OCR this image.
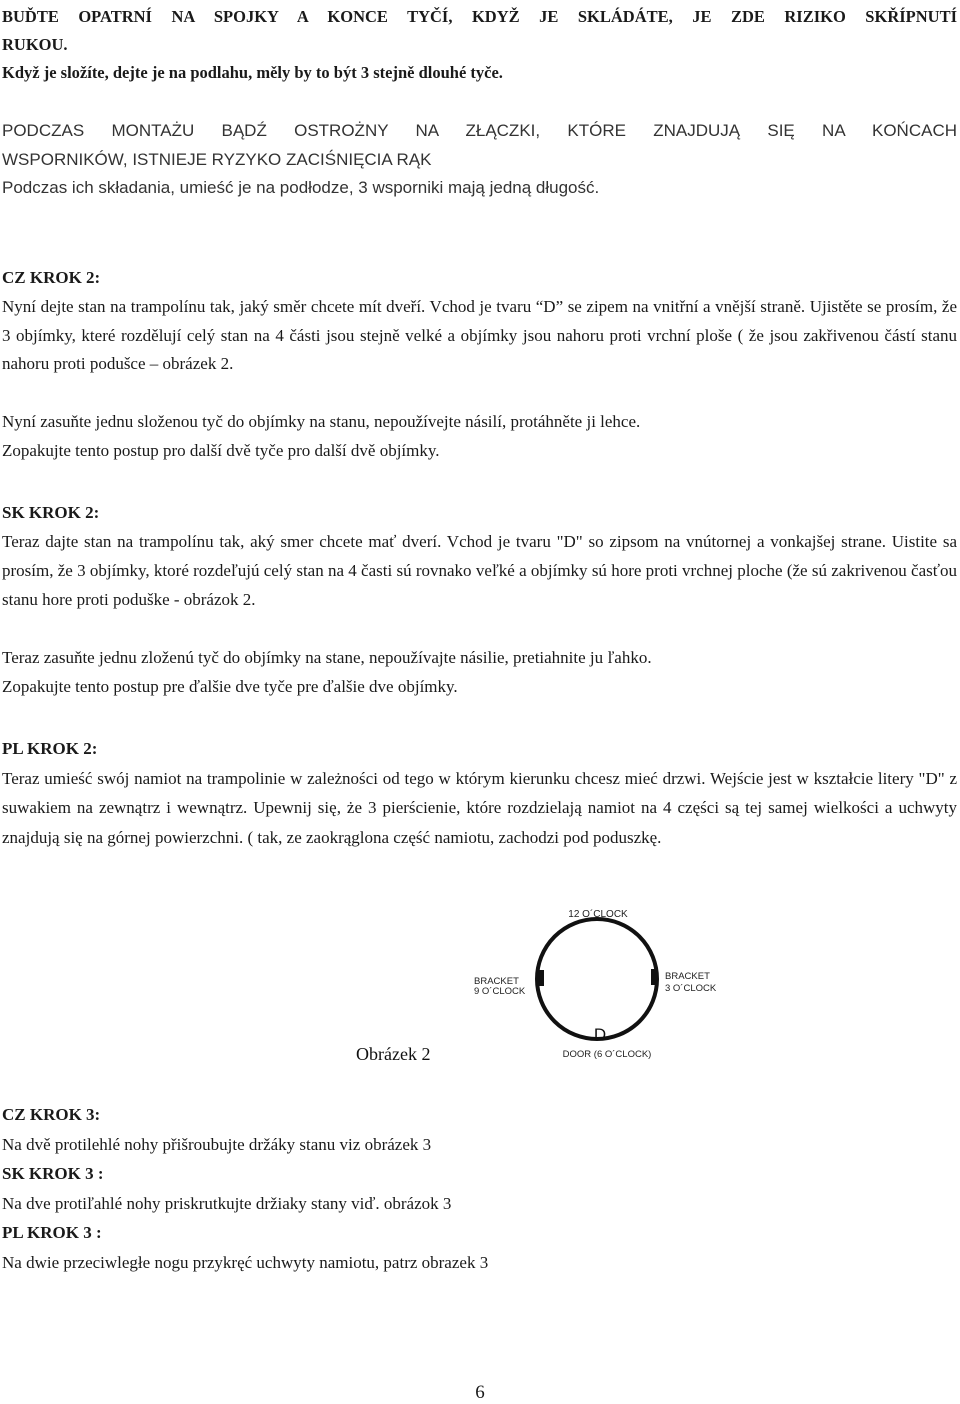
BUĎTE OPATRNÍ NA SPOJKY A KONCE TYČÍ, KDYŽ JE SKLÁDÁTE, JE ZDE RIZIKO SKŘÍPNUTÍ

RUKOU.

Když je složíte, dejte je na podlahu, měly by to být 3 stejně dlouhé tyče.

PODCZAS MONTAŻU BĄDŹ OSTROŻNY NA ZŁĄCZKI, KTÓRE ZNAJDUJĄ SIĘ NA KOŃCACH

WSPORNIKÓW, ISTNIEJE RYZYKO ZACIŚNIĘCIA RĄK

Podczas ich składania, umieść je na podłodze, 3 wsporniki mają jedną długość.

CZ KROK 2:

Nyní dejte stan na trampolínu tak, jaký směr chcete mít dveří. Vchod je tvaru “D” se zipem na vnitřní a vnější straně. Ujistěte se prosím, že 3 objímky, které rozdělují celý stan na 4 části jsou stejně velké a objímky jsou nahoru proti vrchní ploše ( že jsou zakřivenou částí stanu nahoru proti podušce – obrázek 2.

Nyní zasuňte jednu složenou tyč do objímky na stanu, nepoužívejte násilí, protáhněte ji lehce.

Zopakujte tento postup pro další dvě tyče pro další dvě objímky.

SK KROK 2:

Teraz dajte stan na trampolínu tak, aký smer chcete mať dverí. Vchod je tvaru "D" so zipsom na vnútornej a vonkajšej strane. Uistite sa prosím, že 3 objímky, ktoré rozdeľujú celý stan na 4 časti sú rovnako veľké a objímky sú hore proti vrchnej ploche (že sú zakrivenou časťou stanu hore proti poduške - obrázok 2.

Teraz zasuňte jednu zloženú tyč do objímky na stane, nepoužívajte násilie, pretiahnite ju ľahko.

Zopakujte tento postup pre ďalšie dve tyče pre ďalšie dve objímky.

PL KROK 2:

Teraz umieść swój namiot na trampolinie w zależności od tego w którym kierunku chcesz mieć drzwi. Wejście jest w kształcie litery "D" z suwakiem na zewnątrz i wewnątrz. Upewnij się, że 3 pierścienie, które rozdzielają namiot na 4 części są tej samej wielkości a uchwyty znajdują się na górnej powierzchni. ( tak, ze zaokrąglona część namiotu, zachodzi pod poduszkę.

12 O´CLOCK
BRACKET
9 O´CLOCK
BRACKET
3 O´CLOCK
D
DOOR (6 O´CLOCK)
Obrázek 2

CZ KROK 3:

Na dvě protilehlé nohy přišroubujte držáky stanu viz obrázek 3

SK KROK 3 :

Na dve protiľahlé nohy priskrutkujte držiaky stany viď. obrázok 3

PL KROK 3 :

Na dwie przeciwległe nogu przykręć uchwyty namiotu, patrz obrazek 3

6
